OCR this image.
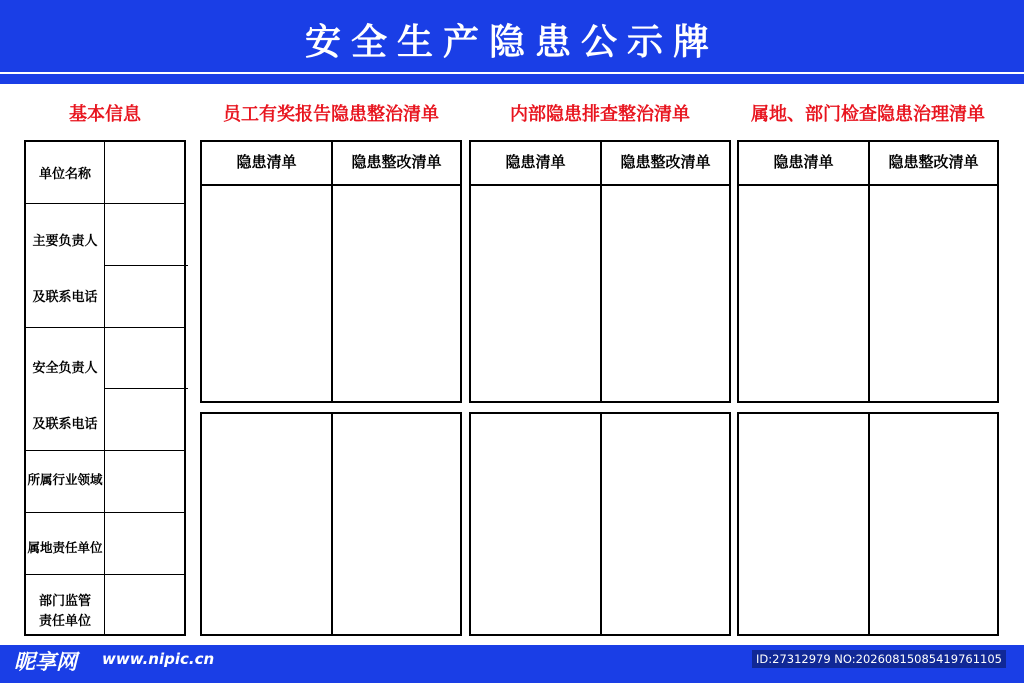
安全生产隐患公示牌
基本信息	员工有奖报告隐患整治清单	内部隐患排查整治清单	属地、部门检查隐患治理清单
单位名称
主要负责人
及联系电话
安全负责人
及联系电话
所属行业领域
属地责任单位
部门监管
责任单位
隐患清单	隐患整改清单	隐患清单	隐患整改清单	隐患清单	隐患整改清单
昵享网 www.nipic.cn	ID:27312979 NO:20260815085419761105
